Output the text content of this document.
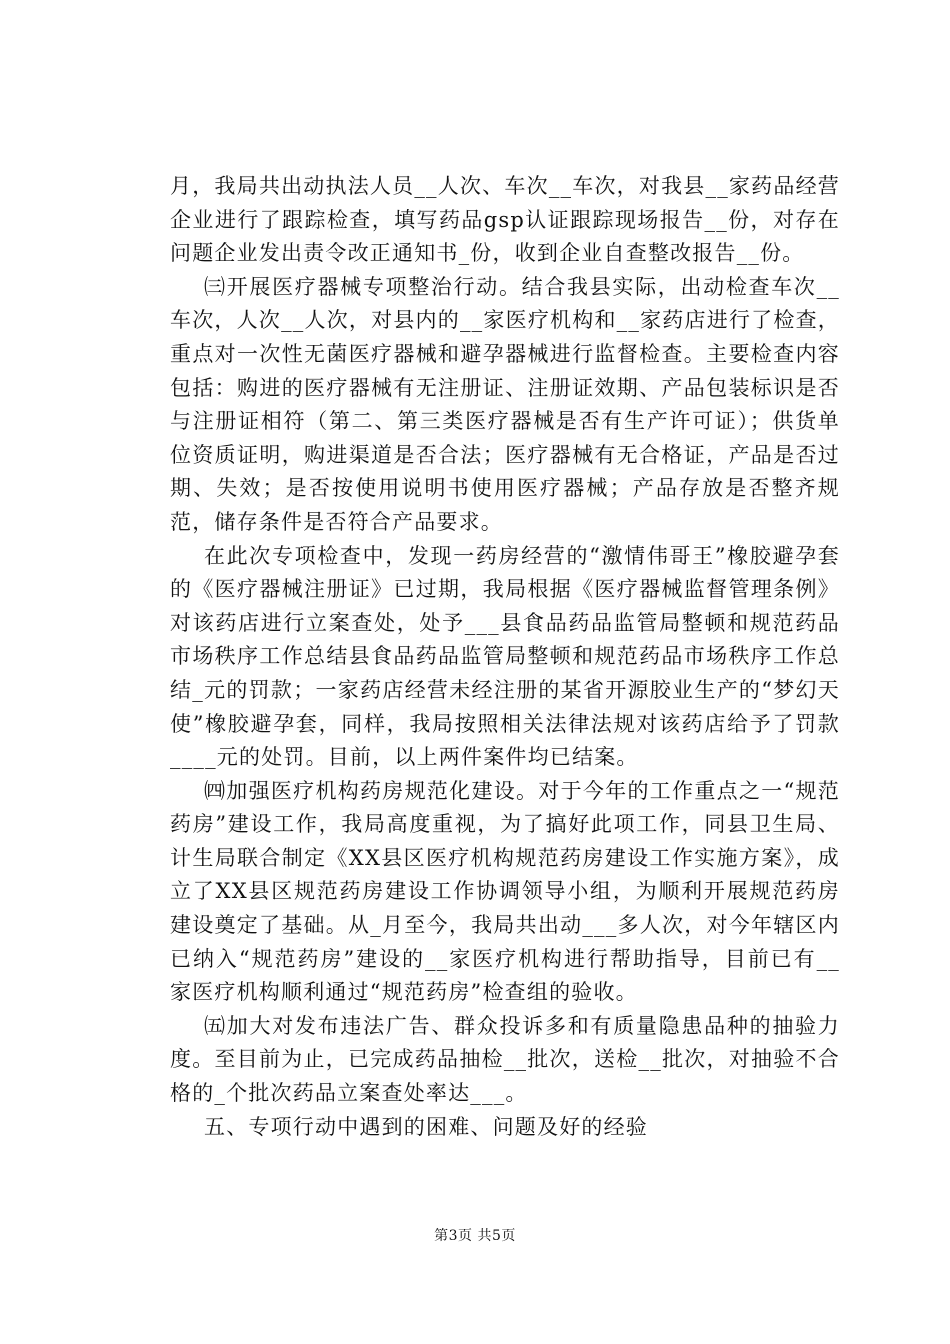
月，我局共出动执法人员__人次、车次__车次，对我县__家药品经营企业进行了跟踪检查，填写药品gsp认证跟踪现场报告__份，对存在问题企业发出责令改正通知书_份，收到企业自查整改报告__份。

㈢开展医疗器械专项整治行动。结合我县实际，出动检查车次__车次，人次__人次，对县内的__家医疗机构和__家药店进行了检查，重点对一次性无菌医疗器械和避孕器械进行监督检查。主要检查内容包括：购进的医疗器械有无注册证、注册证效期、产品包装标识是否与注册证相符（第二、第三类医疗器械是否有生产许可证）；供货单位资质证明，购进渠道是否合法；医疗器械有无合格证，产品是否过期、失效；是否按使用说明书使用医疗器械；产品存放是否整齐规范，储存条件是否符合产品要求。

在此次专项检查中，发现一药房经营的“激情伟哥王”橡胶避孕套的《医疗器械注册证》已过期，我局根据《医疗器械监督管理条例》对该药店进行立案查处，处予___县食品药品监管局整顿和规范药品市场秩序工作总结县食品药品监管局整顿和规范药品市场秩序工作总结_元的罚款；一家药店经营未经注册的某省开源胶业生产的“梦幻天使”橡胶避孕套，同样，我局按照相关法律法规对该药店给予了罚款____元的处罚。目前，以上两件案件均已结案。

㈣加强医疗机构药房规范化建设。对于今年的工作重点之一“规范药房”建设工作，我局高度重视，为了搞好此项工作，同县卫生局、计生局联合制定《XX县区医疗机构规范药房建设工作实施方案》，成立了XX县区规范药房建设工作协调领导小组，为顺利开展规范药房建设奠定了基础。从_月至今，我局共出动___多人次，对今年辖区内已纳入“规范药房”建设的__家医疗机构进行帮助指导，目前已有__家医疗机构顺利通过“规范药房”检查组的验收。

㈤加大对发布违法广告、群众投诉多和有质量隐患品种的抽验力度。至目前为止，已完成药品抽检__批次，送检__批次，对抽验不合格的_个批次药品立案查处率达___。

五、专项行动中遇到的困难、问题及好的经验

第3页 共5页
